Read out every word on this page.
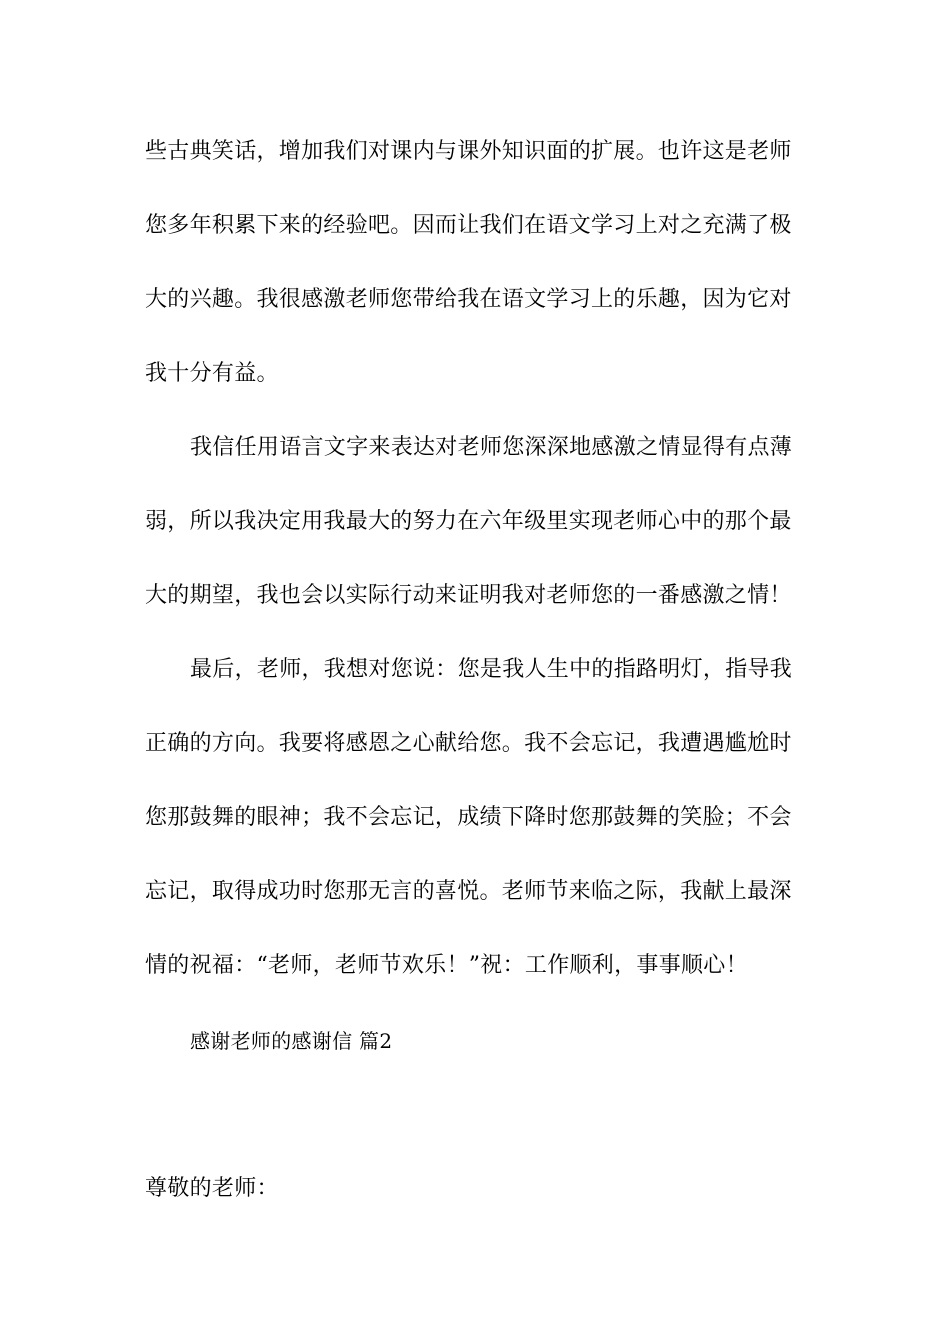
些古典笑话，增加我们对课内与课外知识面的扩展。也许这是老师
您多年积累下来的经验吧。因而让我们在语文学习上对之充满了极
大的兴趣。我很感激老师您带给我在语文学习上的乐趣，因为它对
我十分有益。
我信任用语言文字来表达对老师您深深地感激之情显得有点薄
弱，所以我决定用我最大的努力在六年级里实现老师心中的那个最
大的期望，我也会以实际行动来证明我对老师您的一番感激之情！
最后，老师，我想对您说：您是我人生中的指路明灯，指导我
正确的方向。我要将感恩之心献给您。我不会忘记，我遭遇尴尬时
您那鼓舞的眼神；我不会忘记，成绩下降时您那鼓舞的笑脸；不会
忘记，取得成功时您那无言的喜悦。老师节来临之际，我献上最深
情的祝福：“老师，老师节欢乐！”祝：工作顺利，事事顺心！
感谢老师的感谢信 篇2
尊敬的老师：
